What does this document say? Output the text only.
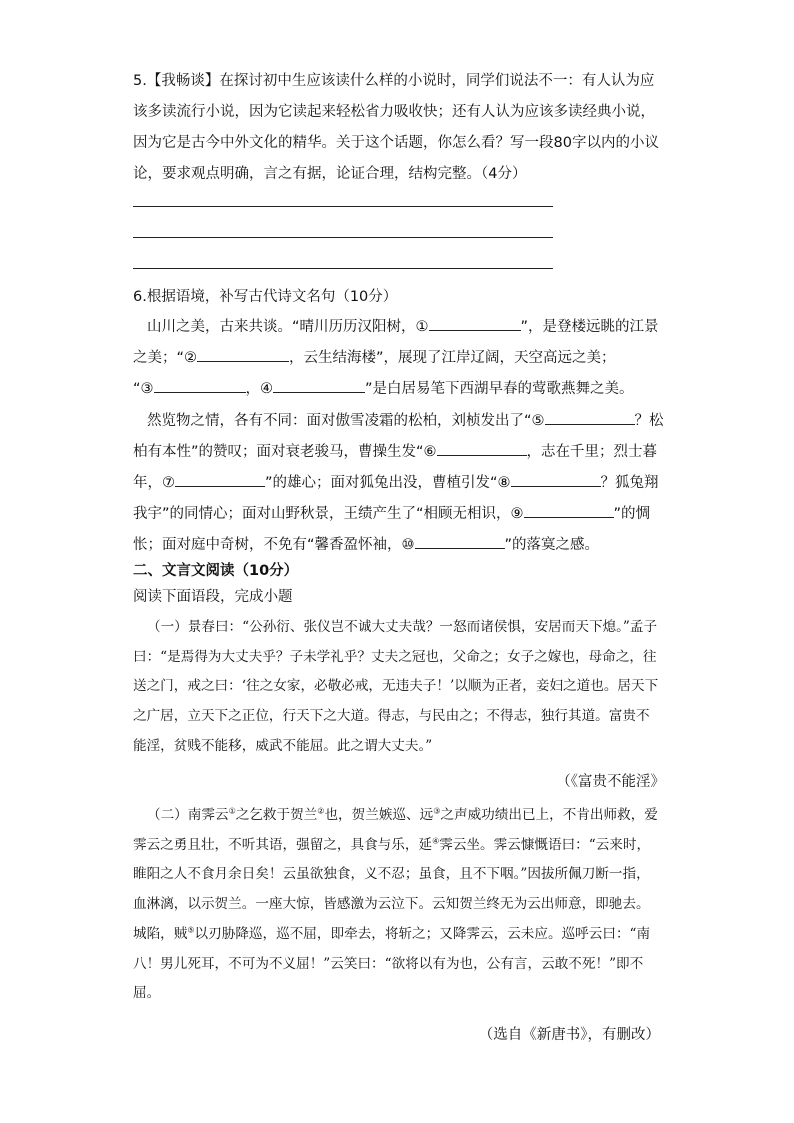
5.【我畅谈】在探讨初中生应该读什么样的小说时，同学们说法不一：有人认为应该多读流行小说，因为它读起来轻松省力吸收快；还有人认为应该多读经典小说，因为它是古今中外文化的精华。关于这个话题，你怎么看？写一段80字以内的小议论，要求观点明确，言之有据，论证合理，结构完整。（4分）
6.根据语境，补写古代诗文名句（10分）

山川之美，古来共谈。“晴川历历汉阳树，①	”，是登楼远眺的江景之美；“②	，云生结海楼”，展现了江岸辽阔，天空高远之美；
“③	，④	”是白居易笔下西湖早春的莺歌燕舞之美。

然览物之情，各有不同：面对傲雪凌霜的松柏，刘桢发出了“⑤	？松柏有本性”的赞叹；面对衰老骏马，曹操生发“⑥	，志在千里；烈士暮年，⑦	”的雄心；面对狐兔出没，曹植引发“⑧	？狐兔翔我宇”的同情心；面对山野秋景，王绩产生了“相顾无相识，⑨	”的惆怅；面对庭中奇树，不免有“馨香盈怀袖，⑩	”的落寞之感。

二、文言文阅读（10分）
阅读下面语段，完成小题

（一）景春曰：“公孙衍、张仪岂不诚大丈夫哉？一怒而诸侯惧，安居而天下熄。”孟子曰：“是焉得为大丈夫乎？子未学礼乎？丈夫之冠也，父命之；女子之嫁也，母命之，往送之门，戒之曰：‘往之女家，必敬必戒，无违夫子！’以顺为正者，妾妇之道也。居天下之广居，立天下之正位，行天下之大道。得志，与民由之；不得志，独行其道。富贵不能淫，贫贱不能移，威武不能屈。此之谓大丈夫。”

（《富贵不能淫》

（二）南霁云①之乞救于贺兰②也，贺兰嫉巡、远③之声威功绩出已上，不肯出师救，爱霁云之勇且壮，不听其语，强留之，具食与乐，延④霁云坐。霁云慷慨语曰：“云来时，睢阳之人不食月余日矣！云虽欲独食，义不忍；虽食，且不下咽。”因拔所佩刀断一指，血淋漓，以示贺兰。一座大惊，皆感激为云泣下。云知贺兰终无为云出师意，即驰去。城陷，贼⑤以刃胁降巡，巡不屈，即牵去，将斩之；又降霁云，云未应。巡呼云曰：“南八！男儿死耳，不可为不义屈！”云笑曰：“欲将以有为也，公有言，云敢不死！”即不屈。

（选自《新唐书》，有删改）
